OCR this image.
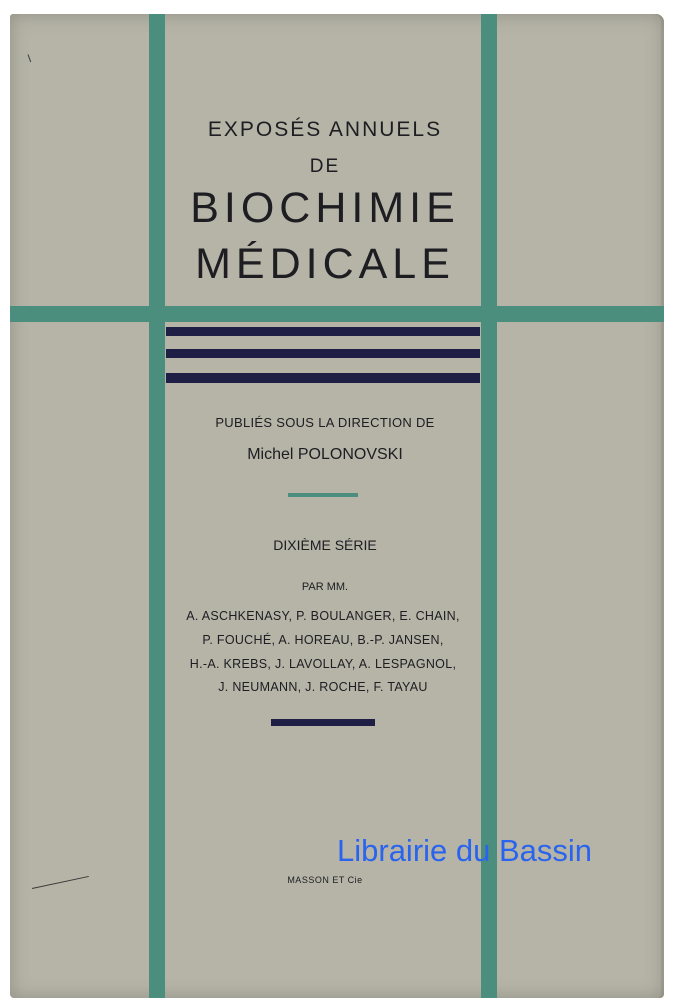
EXPOSÉS ANNUELS
DE
BIOCHIMIE
MÉDICALE
PUBLIÉS SOUS LA DIRECTION DE
Michel POLONOVSKI
DIXIÈME SÉRIE
PAR MM.
A. ASCHKENASY, P. BOULANGER, E. CHAIN,
P. FOUCHÉ, A. HOREAU, B.-P. JANSEN,
H.-A. KREBS, J. LAVOLLAY, A. LESPAGNOL,
J. NEUMANN, J. ROCHE, F. TAYAU
MASSON ET Cie
Librairie du Bassin
